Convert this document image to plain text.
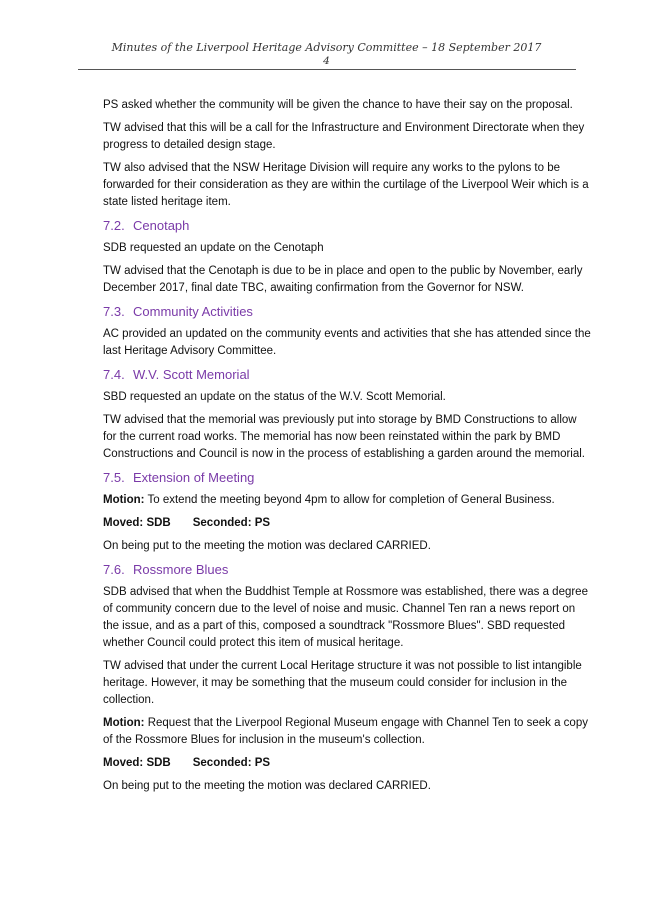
Minutes of the Liverpool Heritage Advisory Committee – 18 September 2017
4

PS asked whether the community will be given the chance to have their say on the proposal.

TW advised that this will be a call for the Infrastructure and Environment Directorate when they progress to detailed design stage.

TW also advised that the NSW Heritage Division will require any works to the pylons to be forwarded for their consideration as they are within the curtilage of the Liverpool Weir which is a state listed heritage item.

7.2. Cenotaph

SDB requested an update on the Cenotaph

TW advised that the Cenotaph is due to be in place and open to the public by November, early December 2017, final date TBC, awaiting confirmation from the Governor for NSW.

7.3. Community Activities

AC provided an updated on the community events and activities that she has attended since the last Heritage Advisory Committee.

7.4. W.V. Scott Memorial

SBD requested an update on the status of the W.V. Scott Memorial.

TW advised that the memorial was previously put into storage by BMD Constructions to allow for the current road works. The memorial has now been reinstated within the park by BMD Constructions and Council is now in the process of establishing a garden around the memorial.

7.5. Extension of Meeting

Motion: To extend the meeting beyond 4pm to allow for completion of General Business.

Moved: SDB Seconded: PS

On being put to the meeting the motion was declared CARRIED.

7.6. Rossmore Blues

SDB advised that when the Buddhist Temple at Rossmore was established, there was a degree of community concern due to the level of noise and music. Channel Ten ran a news report on the issue, and as a part of this, composed a soundtrack "Rossmore Blues". SBD requested whether Council could protect this item of musical heritage.

TW advised that under the current Local Heritage structure it was not possible to list intangible heritage. However, it may be something that the museum could consider for inclusion in the collection.

Motion: Request that the Liverpool Regional Museum engage with Channel Ten to seek a copy of the Rossmore Blues for inclusion in the museum's collection.

Moved: SDB Seconded: PS

On being put to the meeting the motion was declared CARRIED.
